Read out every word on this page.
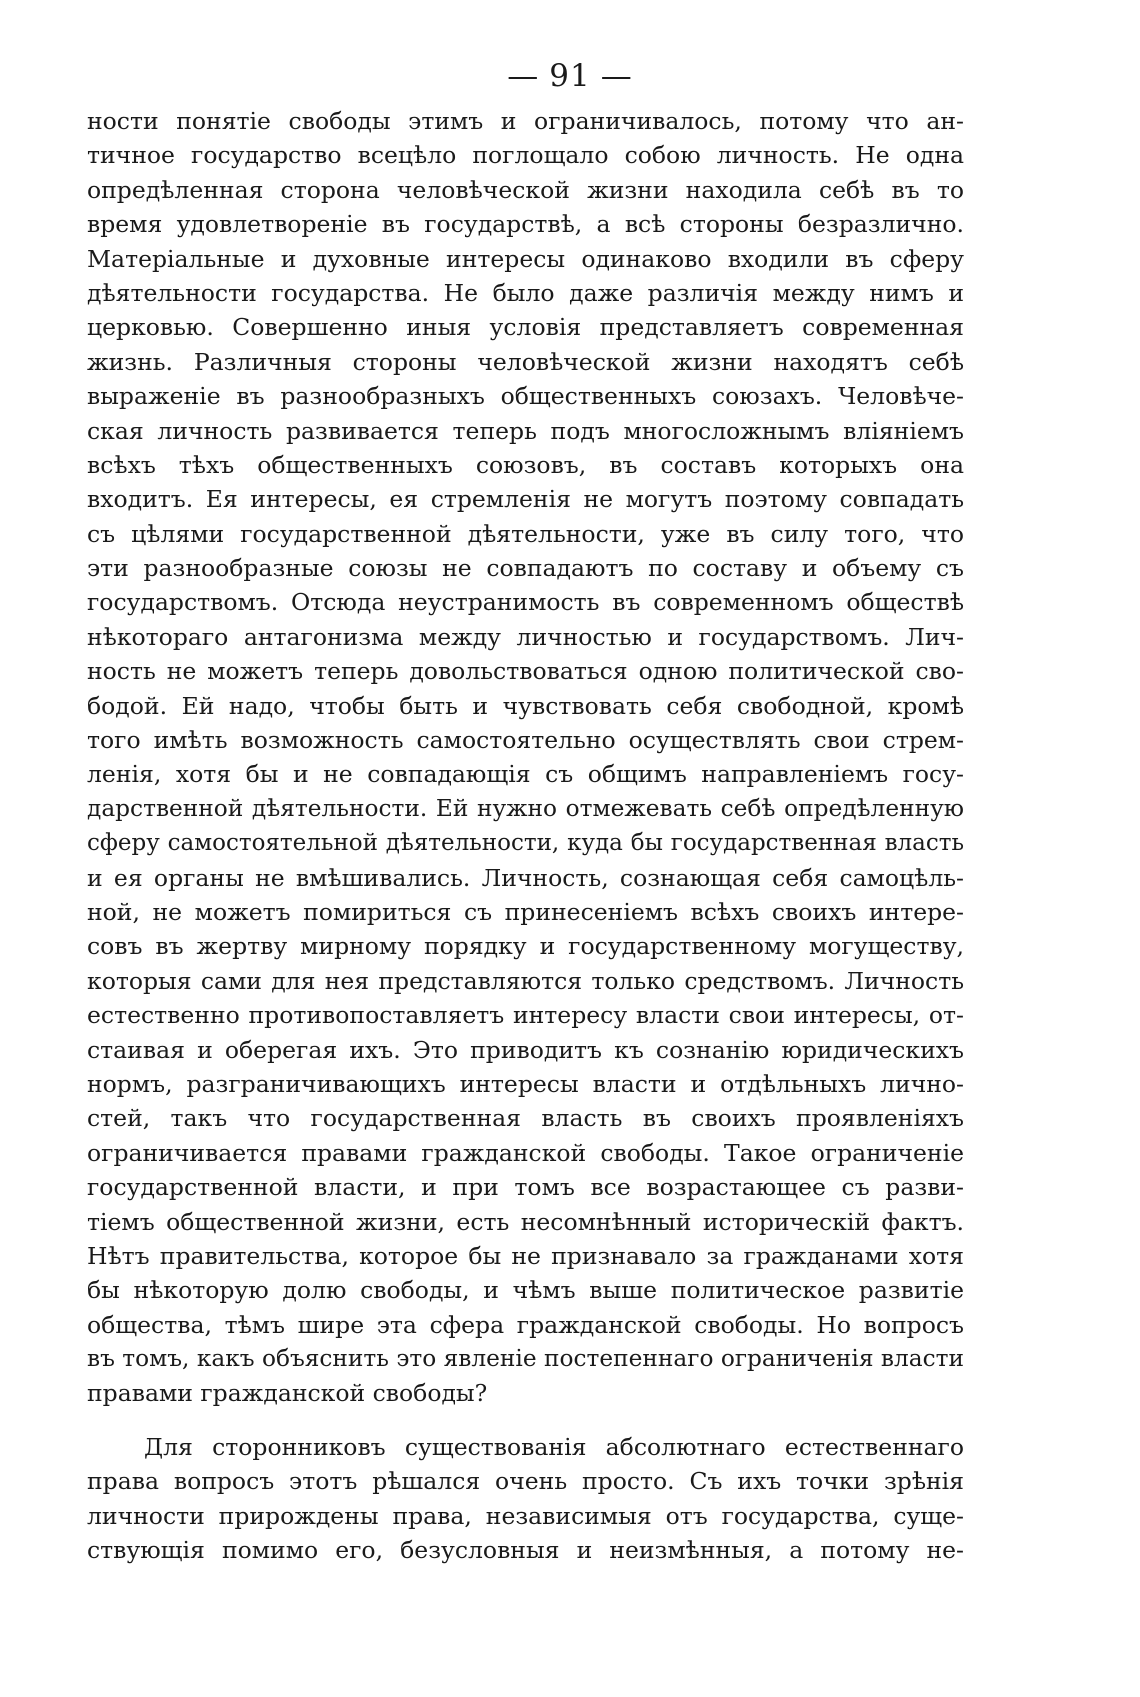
— 91 —
ности понятіе свободы этимъ и ограничивалось, потому что ан-
тичное государство всецѣло поглощало собою личность. Не одна
опредѣленная сторона человѣческой жизни находила себѣ въ то
время удовлетвореніе въ государствѣ, а всѣ стороны безразлично.
Матеріальные и духовные интересы одинаково входили въ сферу
дѣятельности государства. Не было даже различія между нимъ и
церковью. Совершенно иныя условія представляетъ современная
жизнь. Различныя стороны человѣческой жизни находятъ себѣ
выраженіе въ разнообразныхъ общественныхъ союзахъ. Человѣче-
ская личность развивается теперь подъ многосложнымъ вліяніемъ
всѣхъ тѣхъ общественныхъ союзовъ, въ составъ которыхъ она
входитъ. Ея интересы, ея стремленія не могутъ поэтому совпадать
съ цѣлями государственной дѣятельности, уже въ силу того, что
эти разнообразные союзы не совпадаютъ по составу и объему съ
государствомъ. Отсюда неустранимость въ современномъ обществѣ
нѣкотораго антагонизма между личностью и государствомъ. Лич-
ность не можетъ теперь довольствоваться одною политической сво-
бодой. Ей надо, чтобы быть и чувствовать себя свободной, кромѣ
того имѣть возможность самостоятельно осуществлять свои стрем-
ленія, хотя бы и не совпадающія съ общимъ направленіемъ госу-
дарственной дѣятельности. Ей нужно отмежевать себѣ опредѣленную
сферу самостоятельной дѣятельности, куда бы государственная власть
и ея органы не вмѣшивались. Личность, сознающая себя самоцѣль-
ной, не можетъ помириться съ принесеніемъ всѣхъ своихъ интере-
совъ въ жертву мирному порядку и государственному могуществу,
которыя сами для нея представляются только средствомъ. Личность
естественно противопоставляетъ интересу власти свои интересы, от-
стаивая и оберегая ихъ. Это приводитъ къ сознанію юридическихъ
нормъ, разграничивающихъ интересы власти и отдѣльныхъ лично-
стей, такъ что государственная власть въ своихъ проявленіяхъ
ограничивается правами гражданской свободы. Такое ограниченіе
государственной власти, и при томъ все возрастающее съ разви-
тіемъ общественной жизни, есть несомнѣнный историческій фактъ.
Нѣтъ правительства, которое бы не признавало за гражданами хотя
бы нѣкоторую долю свободы, и чѣмъ выше политическое развитіе
общества, тѣмъ шире эта сфера гражданской свободы. Но вопросъ
въ томъ, какъ объяснить это явленіе постепеннаго ограниченія власти
правами гражданской свободы?
Для сторонниковъ существованія абсолютнаго естественнаго
права вопросъ этотъ рѣшался очень просто. Съ ихъ точки зрѣнія
личности прирождены права, независимыя отъ государства, суще-
ствующія помимо его, безусловныя и неизмѣнныя, а потому не-
